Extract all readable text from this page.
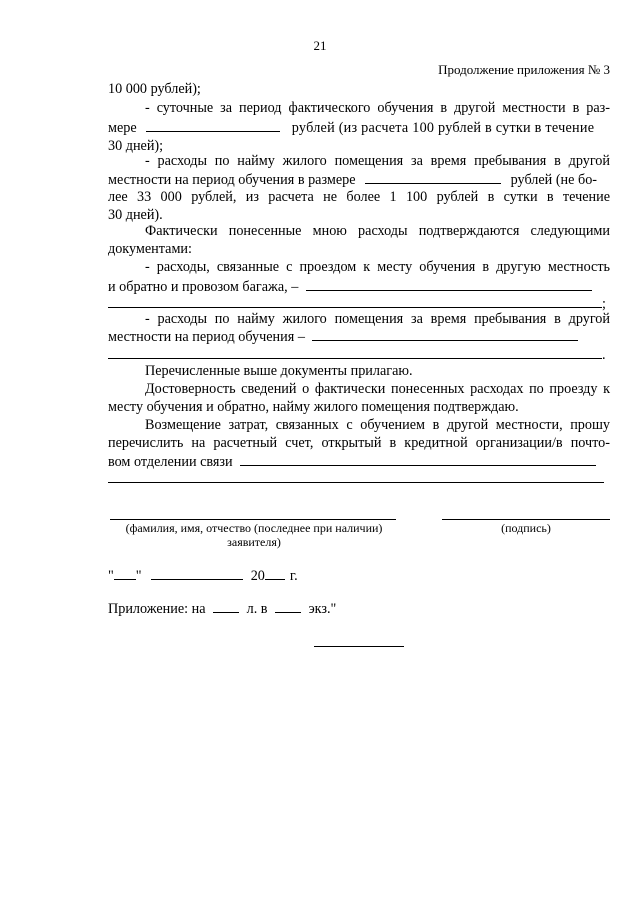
21
Продолжение приложения № 3
10 000 рублей);
- суточные за период фактического обучения в другой местности в раз-
мере	рублей (из расчета 100 рублей в сутки в течение
30 дней);
- расходы по найму жилого помещения за время пребывания в другой
местности на период обучения в размере	рублей (не бо-
лее 33 000 рублей, из расчета не более 1 100 рублей в сутки в течение
30 дней).
Фактически понесенные мною расходы подтверждаются следующими
документами:
- расходы, связанные с проездом к месту обучения в другую местность
и обратно и провозом багажа, –
;
- расходы по найму жилого помещения за время пребывания в другой
местности на период обучения –
.
Перечисленные выше документы прилагаю.
Достоверность сведений о фактически понесенных расходах по проезду к
месту обучения и обратно, найму жилого помещения подтверждаю.
Возмещение затрат, связанных с обучением в другой местности, прошу
перечислить на расчетный счет, открытый в кредитной организации/в почто-
вом отделении связи
(фамилия, имя, отчество (последнее при наличии) заявителя)
(подпись)
" "	20 г.
Приложение: на	л. в	экз."
